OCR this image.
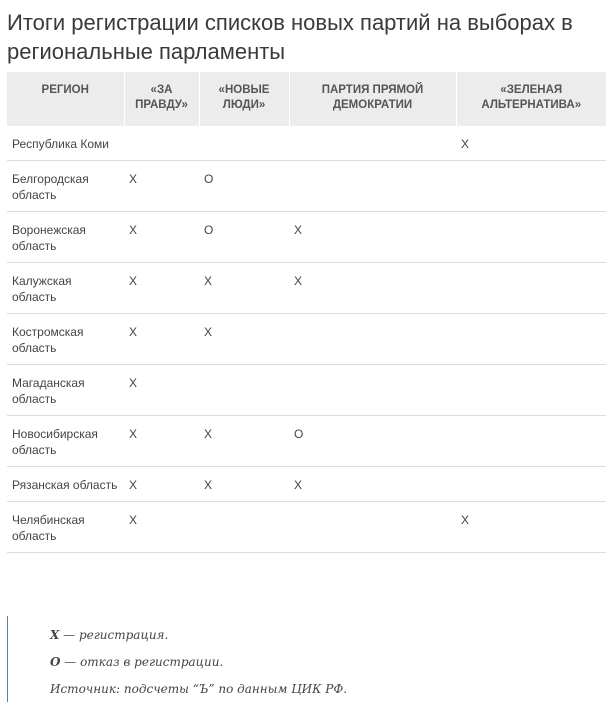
Итоги регистрации списков новых партий на выборах в региональные парламенты
РЕГИОН	«ЗА ПРАВДУ»	«НОВЫЕ ЛЮДИ»	ПАРТИЯ ПРЯМОЙ ДЕМОКРАТИИ	«ЗЕЛЕНАЯ АЛЬТЕРНАТИВА»
Республика Коми				X
Белгородская область	X	O		
Воронежская область	X	O	X	
Калужская область	X	X	X	
Костромская область	X	X		
Магаданская область	X			
Новосибирская область	X	X	O	
Рязанская область	X	X	X	
Челябинская область	X			X

X — регистрация.

O — отказ в регистрации.

Источник: подсчеты “Ъ” по данным ЦИК РФ.
